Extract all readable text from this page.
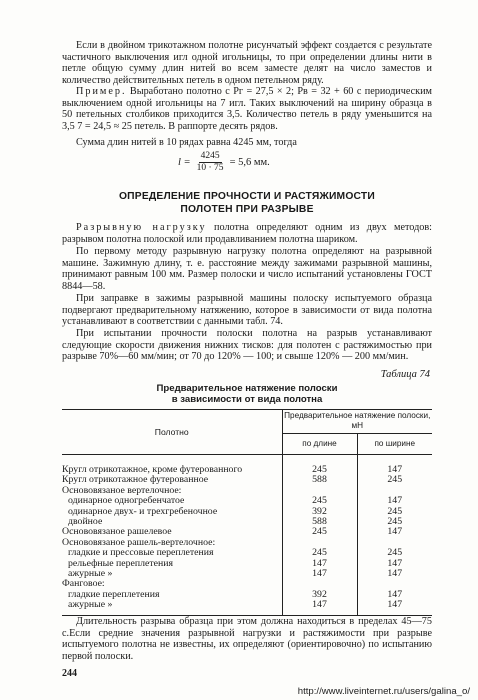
Если в двойном трикотажном полотне рисунчатый эффект создается с результате частичного выключения игл одной игольницы, то при определении длины нити в петле общую сумму длин нитей во всем заместе делят на число заместов и количество действительных петель в одном петельном ряду.

Пример. Выработано полотно с Pг = 27,5 × 2; Pв = 32 + 60 с периодическим выключением одной игольницы на 7 игл. Таких выключений на ширину образца в 50 петельных столбиков приходится 3,5. Количество петель в ряду уменьшится на 3,5 7 = 24,5 ≈ 25 петель. В раппорте десять рядов.

Сумма длин нитей в 10 рядах равна 4245 мм, тогда

$l = \frac{4245}{10 \cdot 75} = 5,6$ мм.
ОПРЕДЕЛЕНИЕ ПРОЧНОСТИ И РАСТЯЖИМОСТИ
ПОЛОТЕН ПРИ РАЗРЫВЕ

Разрывную нагрузку полотна определяют одним из двух методов: разрывом полотна полоской или продавливанием полотна шариком.

По первому методу разрывную нагрузку полотна определяют на разрывной машине. Зажимную длину, т. е. расстояние между зажимами разрывной машины, принимают равным 100 мм. Размер полоски и число испытаний установлены ГОСТ 8844—58.

При заправке в зажимы разрывной машины полоску испытуемого образца подвергают предварительному натяжению, которое в зависимости от вида полотна устанавливают в соответствии с данными табл. 74.

При испытании прочности полоски полотна на разрыв устанавливают следующие скорости движения нижних тисков: для полотен с растяжимостью при разрыве 70%—60 мм/мин; от 70 до 120% — 100; и свыше 120% — 200 мм/мин.

Таблица 74
Предварительное натяжение полоски
в зависимости от вида полотна
Полотно	Предварительное натяжение полоски, мН	
	по длине	по ширине

Кругл отрикотажное, кроме футерованного	245	147
Кругл отрикотажное футерованное	588	245
Основовязаное вертелочное:		
одинарное одногребенчатое	245	147
одинарное двух- и трехгребеночное	392	245
двойное	588	245
Основовязаное рашелевое	245	147
Основовязаное рашель-вертелочное:		
гладкие и прессовые переплетения	245	245
рельефные переплетения	147	147
ажурные »	147	147
Фанговое:		
гладкие переплетения	392	147
ажурные »	147	147

Длительность разрыва образца при этом должна находиться в пределах 45—75 с.Если средние значения разрывной нагрузки и растяжимости при разрыве испытуемого полотна не известны, их определяют (ориентировочно) по испытанию первой полоски.

244
http://www.liveinternet.ru/users/galina_o/
